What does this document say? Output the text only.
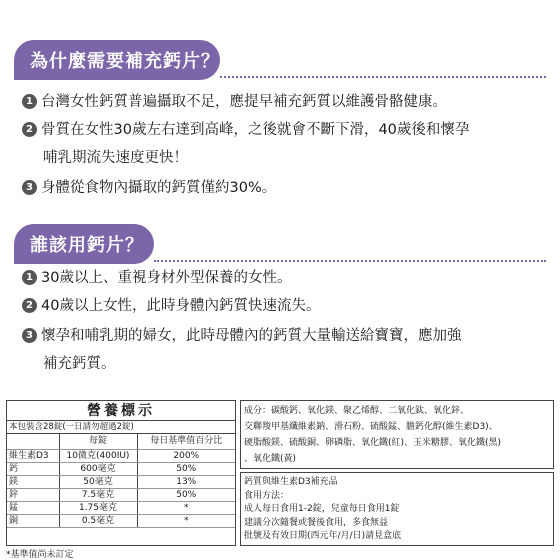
為什麼需要補充鈣片？
1 台灣女性鈣質普遍攝取不足，應提早補充鈣質以維護骨骼健康。
2 骨質在女性30歲左右達到高峰，之後就會不斷下滑，40歲後和懷孕
哺乳期流失速度更快！
3 身體從食物內攝取的鈣質僅約30%。
誰該用鈣片？
1 30歲以上、重視身材外型保養的女性。
2 40歲以上女性，此時身體內鈣質快速流失。
3 懷孕和哺乳期的婦女，此時母體內的鈣質大量輸送給寶寶，應加強
補充鈣質。
營養標示
本包裝含28錠(一日請勿超過2錠)
	每錠	每日基準值百分比
維生素D3	10微克(400IU)	200%
鈣	600毫克	50%
鎂	50毫克	13%
鋅	7.5毫克	50%
錳	1.75毫克	*
銅	0.5毫克	*
*基準值尚未訂定
成分：碳酸鈣、氧化鎂、聚乙烯醇、二氧化鈦、氧化鋅、
交聯羧甲基纖維素鈉、滑石粉、硫酸錳、膽鈣化醇(維生素D3)、
硬脂酸鎂、硫酸銅、卵磷脂、氧化鐵(紅)、玉米糖膠、氧化鐵(黑)
、氧化鐵(黃)
鈣質與維生素D3補充品
食用方法：
成人每日食用1-2錠，兒童每日食用1錠
建議分次隨餐或餐後食用，多食無益
批號及有效日期(西元年/月/日)請見盒底
